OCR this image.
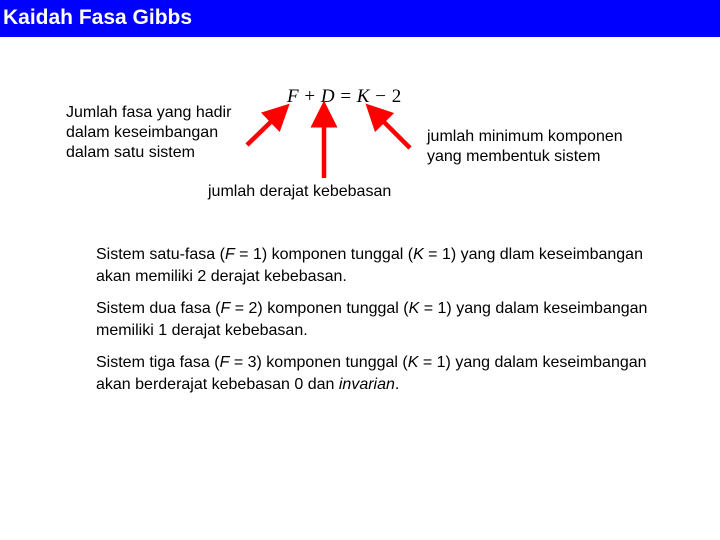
Kaidah Fasa Gibbs
F + D = K − 2
Jumlah fasa yang hadir
dalam keseimbangan
dalam satu sistem
jumlah minimum komponen
yang membentuk sistem
jumlah derajat kebebasan
Sistem satu-fasa (F = 1) komponen tunggal (K = 1) yang dlam keseimbangan akan memiliki 2 derajat kebebasan.
Sistem dua fasa (F = 2) komponen tunggal (K = 1) yang dalam keseimbangan memiliki 1 derajat kebebasan.
Sistem tiga fasa (F = 3) komponen tunggal (K = 1) yang dalam keseimbangan akan berderajat kebebasan 0 dan invarian.
